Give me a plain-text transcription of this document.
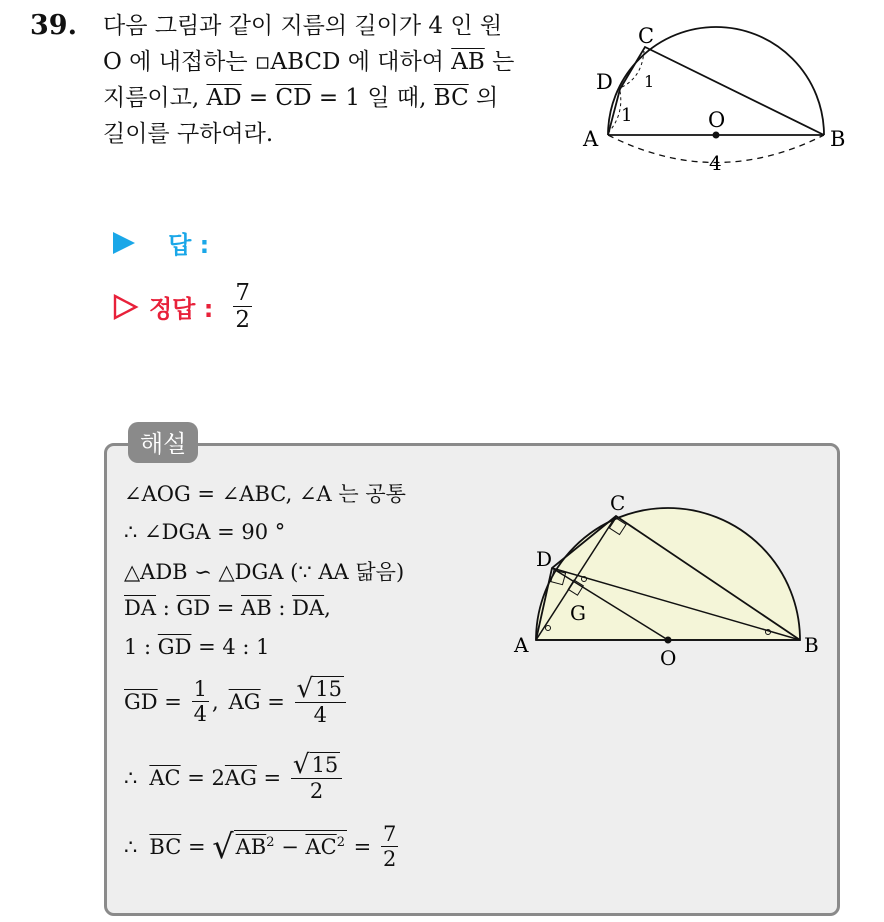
39. 다음 그림과 같이 지름의 길이가 4 인 원
O 에 내접하는 ▫ABCD 에 대하여 $\overline{AB}$ 는
지름이고, $\overline{AD} = \overline{CD} = 1$ 일 때, $\overline{BC}$ 의
길이를 구하여라.	A	B
C
D
O
1
1
4
답 :
정답 : $\frac{7}{2}$
해설
∠AOG = ∠ABC, ∠A 는 공통
∴ ∠DGA = 90 °
△ADB ∽ △DGA (∵ AA 닮음)
$\overline{DA}$ : $\overline{GD} = \overline{AB}$ : $\overline{DA}$,
1 : $\overline{GD} = 4$ : 1
$\overline{GD} = \frac{1}{4}$ , $\overline{AG} = \frac{√ 15}{4}$
∴ $\overline{AC} = 2$ $\overline{AG} = \frac{√ 15}{2}$
∴ $\overline{BC}$ = √ $AB^2 - \overline{AC}^2 = \frac{7}{2}$
A	B
C
D
G
O
